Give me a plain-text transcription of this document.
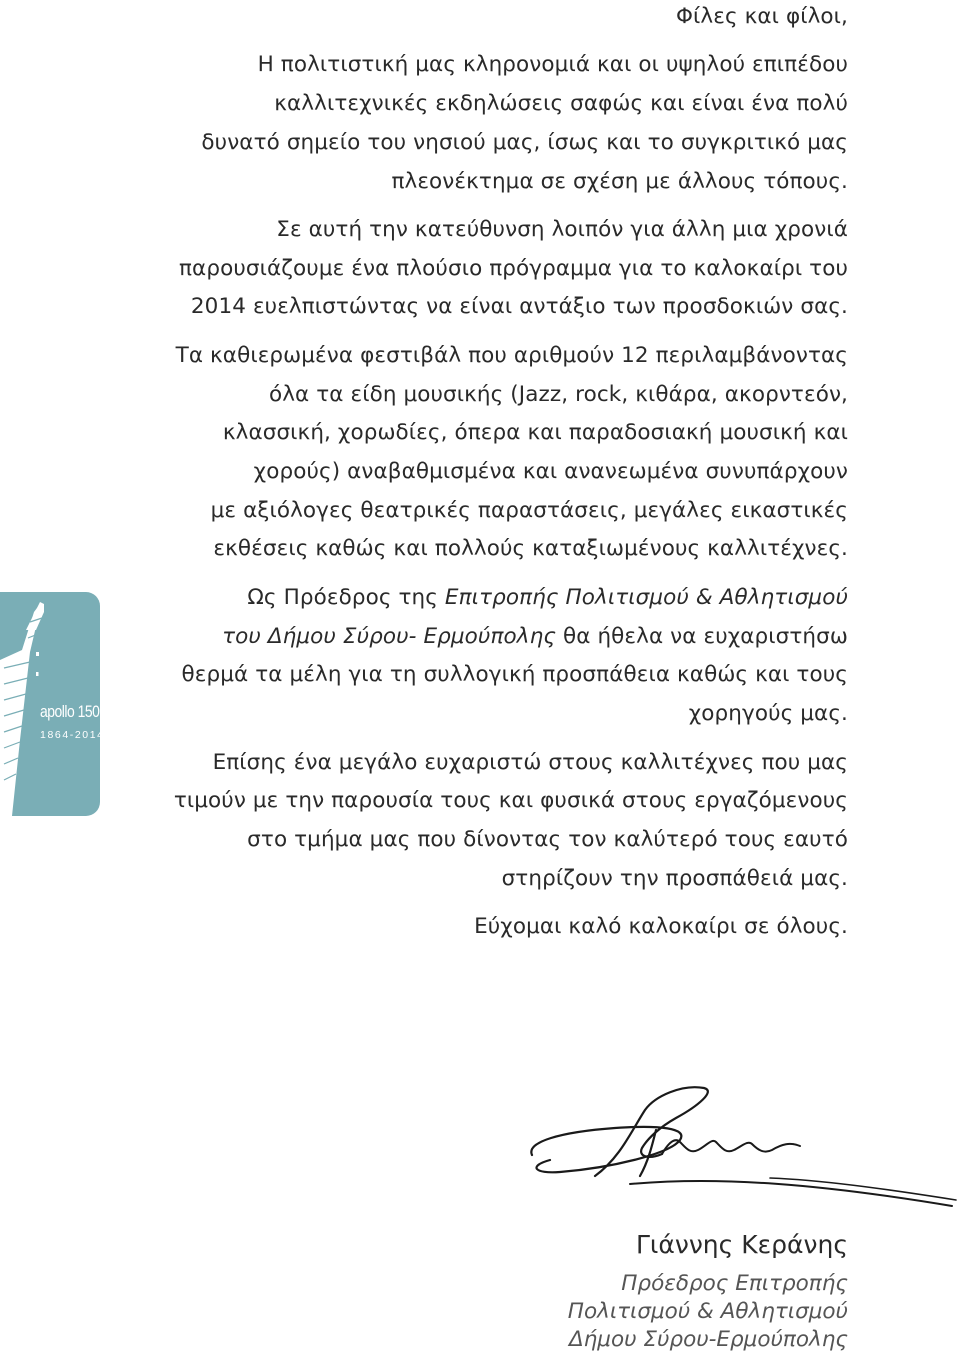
Φίλες και φίλοι,
Η πολιτιστική μας κληρονομιά και οι υψηλού επιπέδου
καλλιτεχνικές εκδηλώσεις σαφώς και είναι ένα πολύ
δυνατό σημείο του νησιού μας, ίσως και το συγκριτικό μας
πλεονέκτημα σε σχέση με άλλους τόπους.
Σε αυτή την κατεύθυνση λοιπόν για άλλη μια χρονιά
παρουσιάζουμε ένα πλούσιο πρόγραμμα για το καλοκαίρι του
2014 ευελπιστώντας να είναι αντάξιο των προσδοκιών σας.
Τα καθιερωμένα φεστιβάλ που αριθμούν 12 περιλαμβάνοντας
όλα τα είδη μουσικής (Jazz, rock, κιθάρα, ακορντεόν,
κλασσική, χορωδίες, όπερα και παραδοσιακή μουσική και
χορούς) αναβαθμισμένα και ανανεωμένα συνυπάρχουν
με αξιόλογες θεατρικές παραστάσεις, μεγάλες εικαστικές
εκθέσεις καθώς και πολλούς καταξιωμένους καλλιτέχνες.
Ως Πρόεδρος της Επιτροπής Πολιτισμού & Αθλητισμού
του Δήμου Σύρου- Ερμούπολης θα ήθελα να ευχαριστήσω
θερμά τα μέλη για τη συλλογική προσπάθεια καθώς και τους
χορηγούς μας.
Επίσης ένα μεγάλο ευχαριστώ στους καλλιτέχνες που μας
τιμούν με την παρουσία τους και φυσικά στους εργαζόμενους
στο τμήμα μας που δίνοντας τον καλύτερό τους εαυτό
στηρίζουν την προσπάθειά μας.
Εύχομαι καλό καλοκαίρι σε όλους.
apollo 150
1864-2014
Γιάννης Κεράνης
Πρόεδρος Επιτροπής
Πολιτισμού & Αθλητισμού
Δήμου Σύρου-Ερμούπολης
